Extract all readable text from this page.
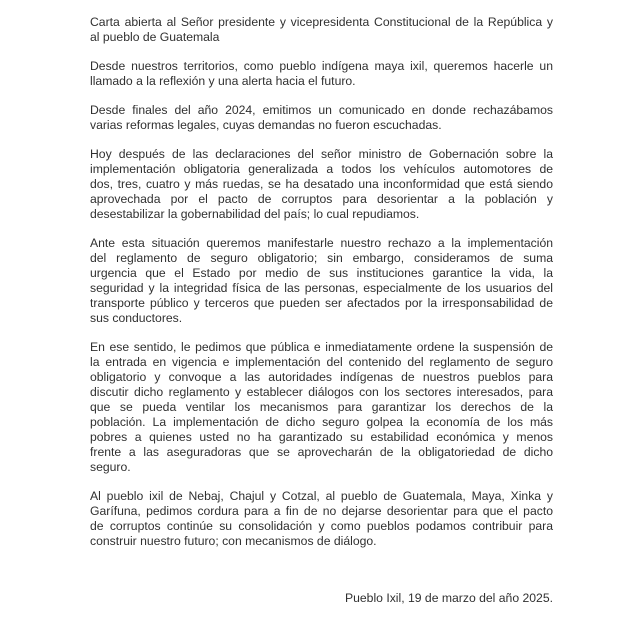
Carta abierta al Señor presidente y vicepresidenta Constitucional de la República y
al pueblo de Guatemala
Desde nuestros territorios, como pueblo indígena maya ixil, queremos hacerle un
llamado a la reflexión y una alerta hacia el futuro.
Desde finales del año 2024, emitimos un comunicado en donde rechazábamos
varias reformas legales, cuyas demandas no fueron escuchadas.
Hoy después de las declaraciones del señor ministro de Gobernación sobre la
implementación obligatoria generalizada a todos los vehículos automotores de
dos, tres, cuatro y más ruedas, se ha desatado una inconformidad que está siendo
aprovechada por el pacto de corruptos para desorientar a la población y
desestabilizar la gobernabilidad del país; lo cual repudiamos.
Ante esta situación queremos manifestarle nuestro rechazo a la implementación
del reglamento de seguro obligatorio; sin embargo, consideramos de suma
urgencia que el Estado por medio de sus instituciones garantice la vida, la
seguridad y la integridad física de las personas, especialmente de los usuarios del
transporte público y terceros que pueden ser afectados por la irresponsabilidad de
sus conductores.
En ese sentido, le pedimos que pública e inmediatamente ordene la suspensión de
la entrada en vigencia e implementación del contenido del reglamento de seguro
obligatorio y convoque a las autoridades indígenas de nuestros pueblos para
discutir dicho reglamento y establecer diálogos con los sectores interesados, para
que se pueda ventilar los mecanismos para garantizar los derechos de la
población. La implementación de dicho seguro golpea la economía de los más
pobres a quienes usted no ha garantizado su estabilidad económica y menos
frente a las aseguradoras que se aprovecharán de la obligatoriedad de dicho
seguro.
Al pueblo ixil de Nebaj, Chajul y Cotzal, al pueblo de Guatemala, Maya, Xinka y
Garífuna, pedimos cordura para a fin de no dejarse desorientar para que el pacto
de corruptos continúe su consolidación y como pueblos podamos contribuir para
construir nuestro futuro; con mecanismos de diálogo.
Pueblo Ixil, 19 de marzo del año 2025.
